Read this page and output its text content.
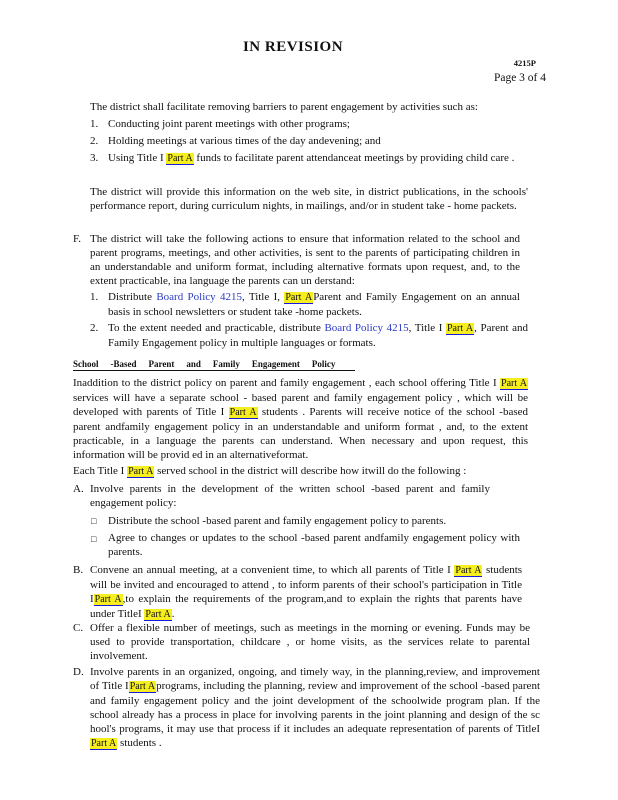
IN REVISION
4215P
Page 3 of 4

The district shall facilitate removing barriers to parent engagement by activities such as:

1. Conducting joint parent meetings with other programs;
2. Holding meetings at various times of the day andevening; and
3. Using Title I Part A funds to facilitate parent attendanceat meetings by providing child care .
The district will provide this information on the web site, in district publications, in the schools' performance report, during curriculum nights, in mailings, and/or in student take - home packets.
F. The district will take the following actions to ensure that information related to the school and parent programs, meetings, and other activities, is sent to the parents of participating children in an understandable and uniform format, including alternative formats upon request, and, to the extent practicable, ina language the parents can un derstand:
1. Distribute Board Policy 4215, Title I, Part AParent and Family Engagement on an annual basis in school newsletters or student take -home packets.
2. To the extent needed and practicable, distribute Board Policy 4215, Title I Part A, Parent and Family Engagement policy in multiple languages or formats.
School -Based Parent and Family Engagement Policy
Inaddition to the district policy on parent and family engagement , each school offering Title I Part A services will have a separate school - based parent and family engagement policy , which will be developed with parents of Title I Part A students . Parents will receive notice of the school -based parent andfamily engagement policy in an understandable and uniform format , and, to the extent practicable, in a language the parents can understand. When necessary and upon request, this information will be provid ed in an alternativeformat.
Each Title I Part A served school in the district will describe how itwill do the following :
A. Involve parents in the development of the written school -based parent and family engagement policy:
□ Distribute the school -based parent and family engagement policy to parents.
□ Agree to changes or updates to the school -based parent andfamily engagement policy with parents.
B. Convene an annual meeting, at a convenient time, to which all parents of Title I Part A students will be invited and encouraged to attend , to inform parents of their school's participation in Title IPart A,to explain the requirements of the program,and to explain the rights that parents have under TitleI Part A.
C. Offer a flexible number of meetings, such as meetings in the morning or evening. Funds may be used to provide transportation, childcare , or home visits, as the services relate to parental involvement.
D. Involve parents in an organized, ongoing, and timely way, in the planning,review, and improvement of Title IPart Aprograms, including the planning, review and improvement of the school -based parent and family engagement policy and the joint development of the schoolwide program plan. If the school already has a process in place for involving parents in the joint planning and design of the sc hool's programs, it may use that process if it includes an adequate representation of parents of TitleI Part A students .
